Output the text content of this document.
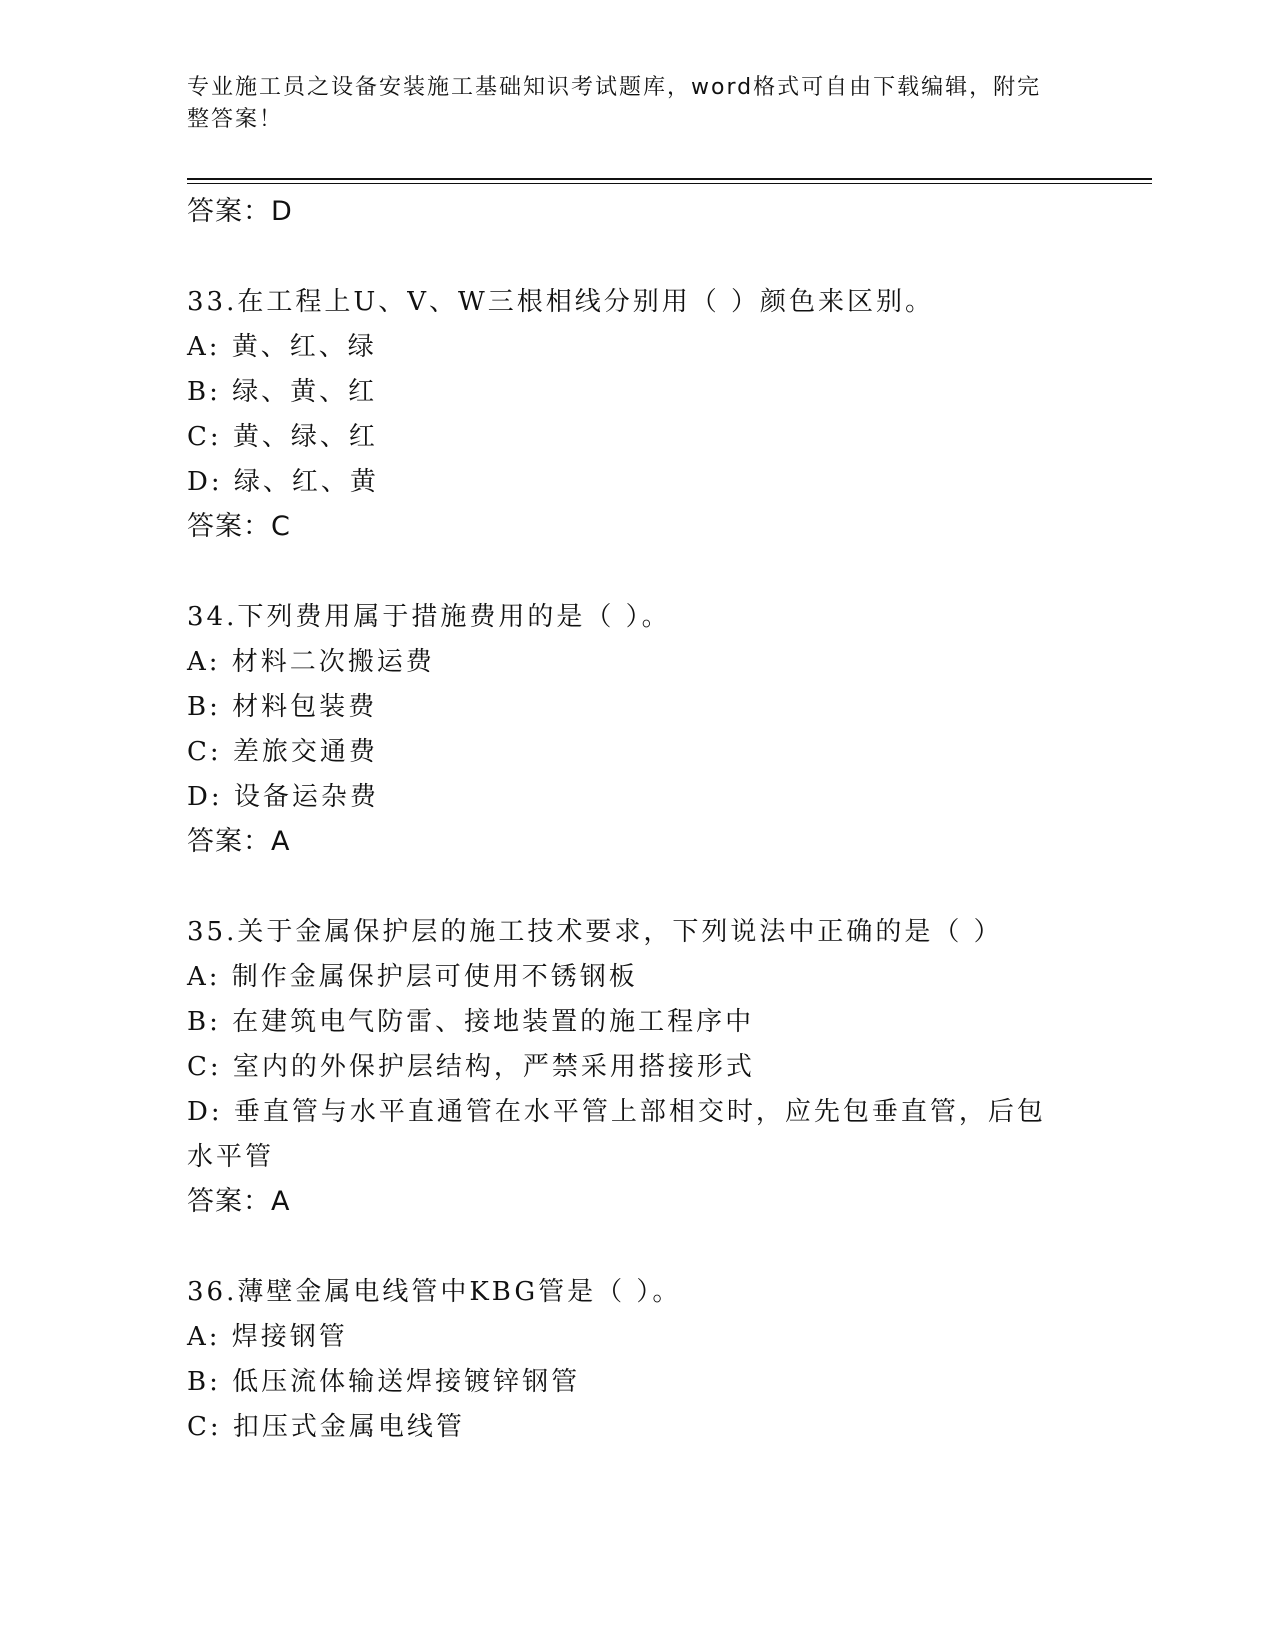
专业施工员之设备安装施工基础知识考试题库，word格式可自由下载编辑，附完
整答案！
答案：D
33.在工程上U、V、W三根相线分别用（ ）颜色来区别。
A: 黄、红、绿
B: 绿、黄、红
C: 黄、绿、红
D: 绿、红、黄
答案：C
34.下列费用属于措施费用的是（ ）。
A: 材料二次搬运费
B: 材料包装费
C: 差旅交通费
D: 设备运杂费
答案：A
35.关于金属保护层的施工技术要求，下列说法中正确的是（ ）
A: 制作金属保护层可使用不锈钢板
B: 在建筑电气防雷、接地装置的施工程序中
C: 室内的外保护层结构，严禁采用搭接形式
D: 垂直管与水平直通管在水平管上部相交时，应先包垂直管，后包水平管
答案：A
36.薄壁金属电线管中KBG管是（ ）。
A: 焊接钢管
B: 低压流体输送焊接镀锌钢管
C: 扣压式金属电线管
